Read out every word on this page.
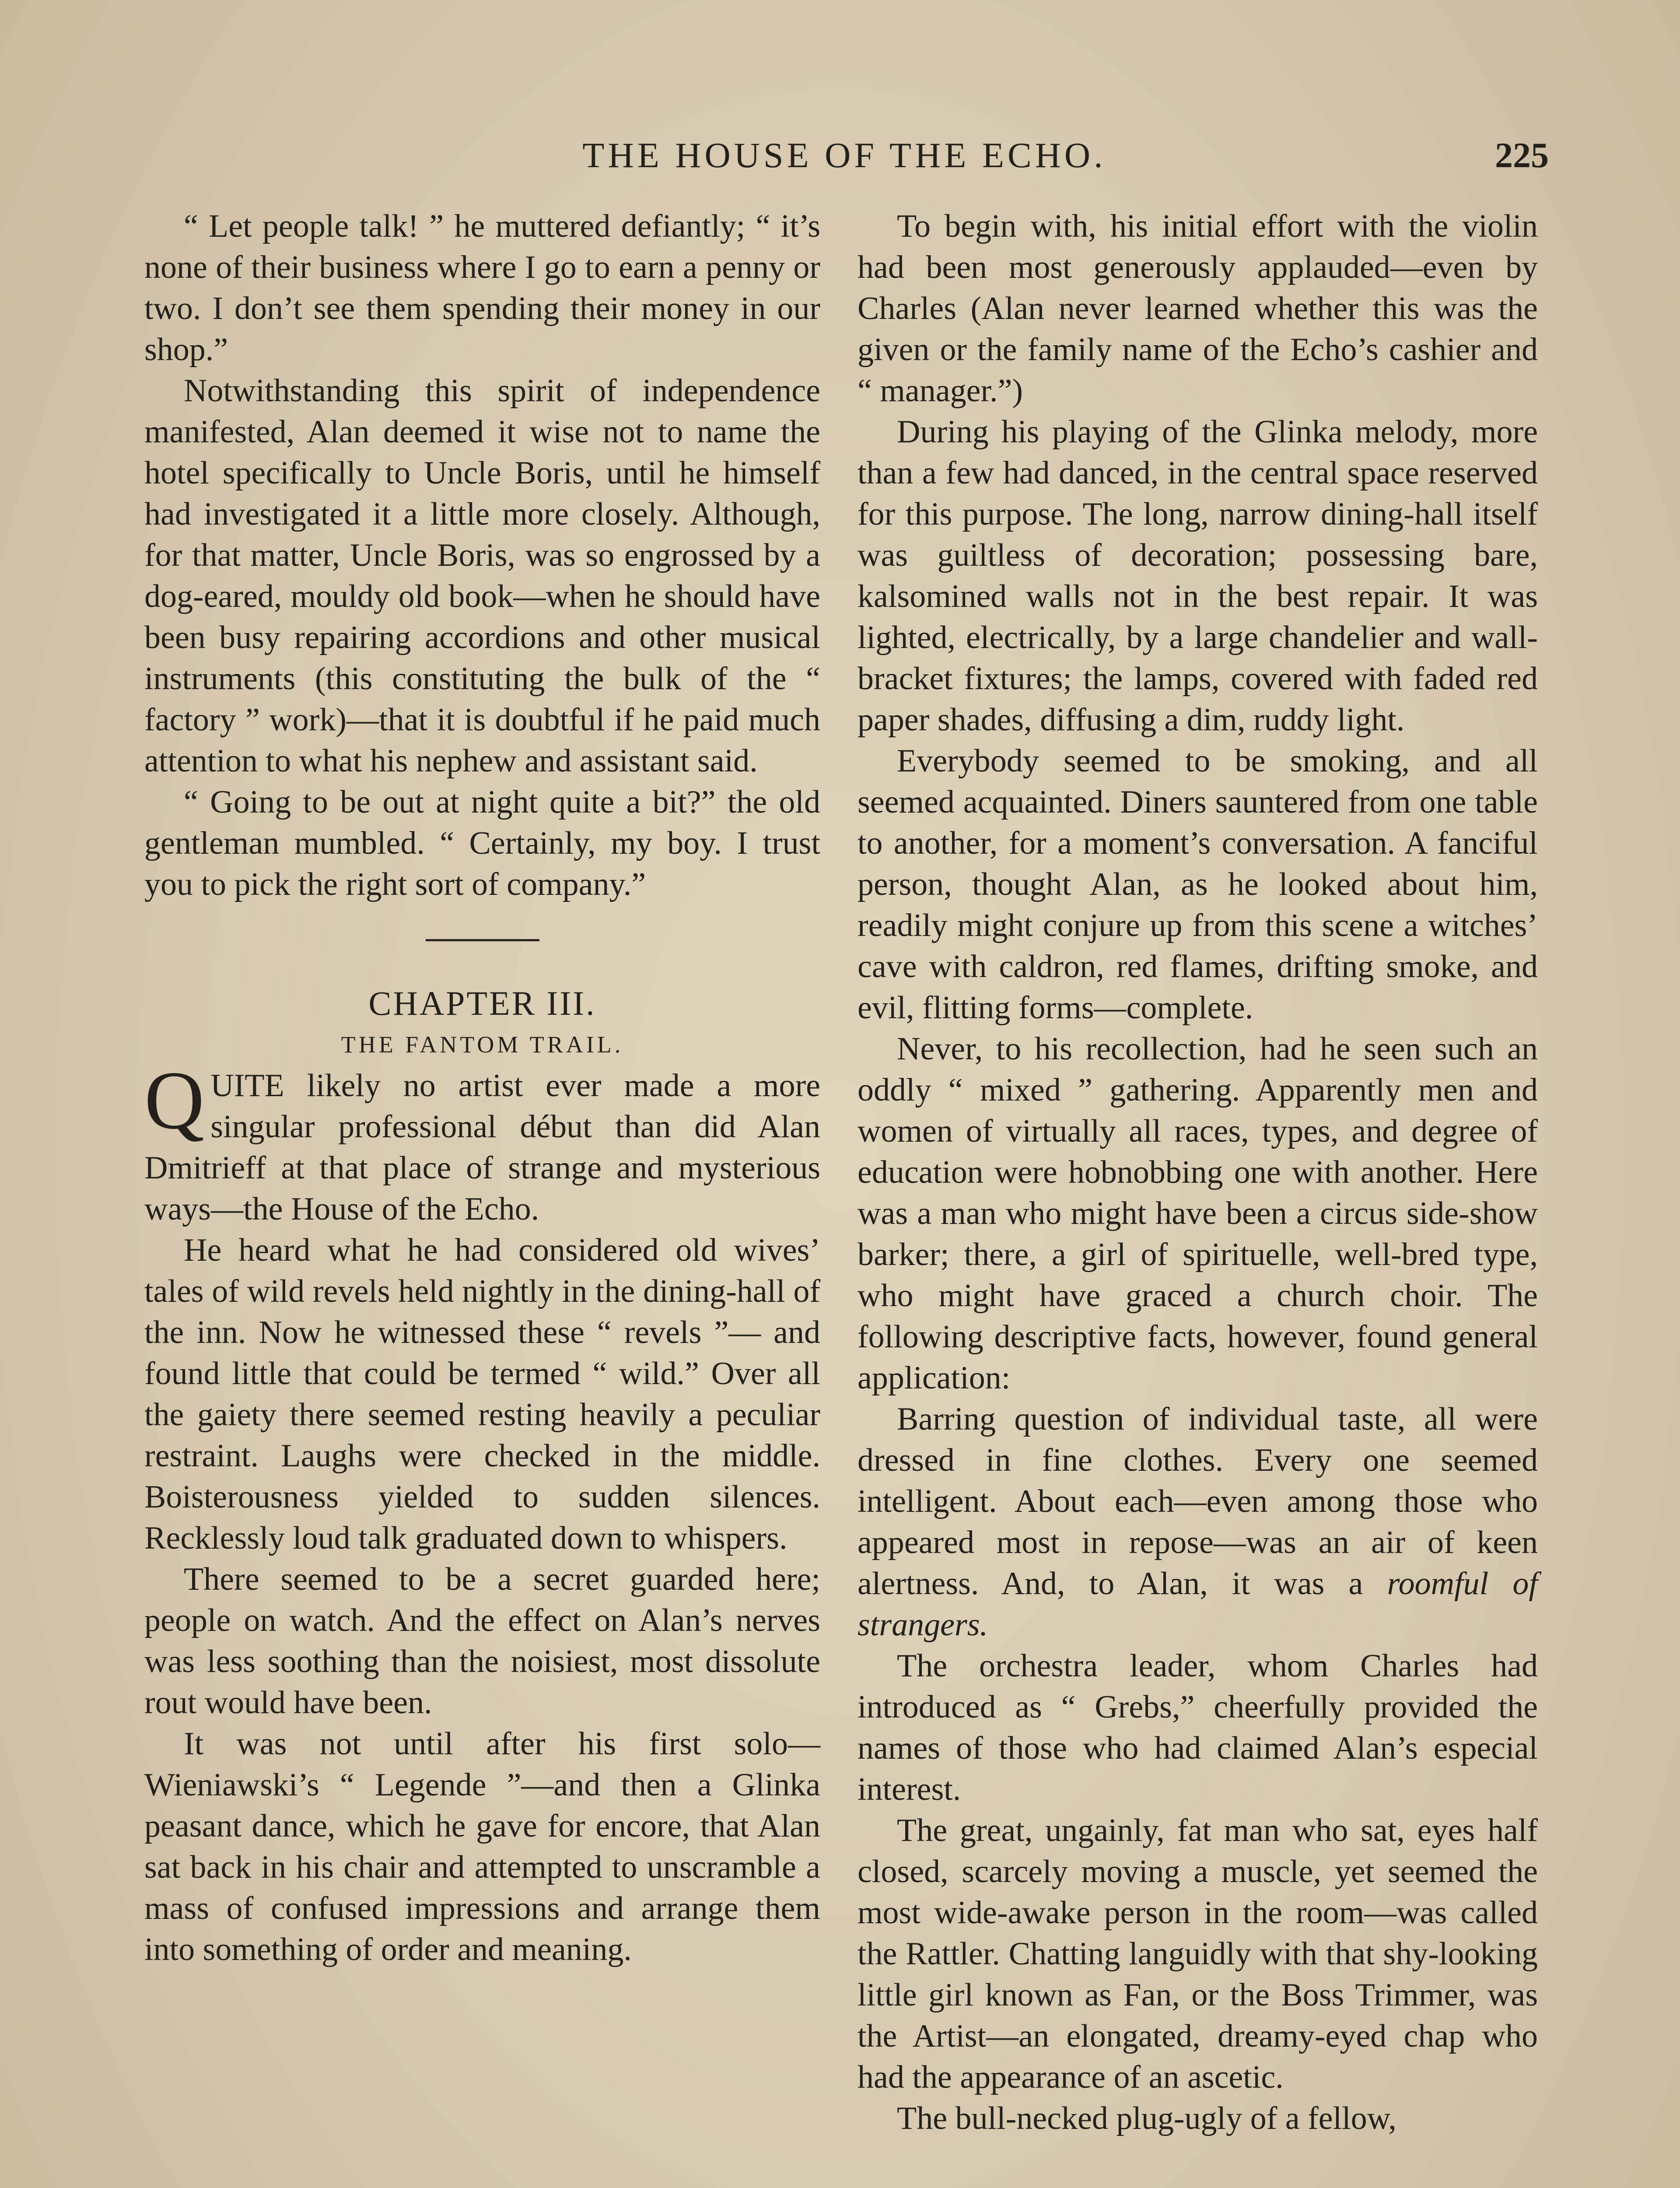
THE HOUSE OF THE ECHO.	225

“ Let people talk! ” he muttered defiantly; “ it’s none of their business where I go to earn a penny or two. I don’t see them spending their money in our shop.”

Notwithstanding this spirit of independence manifested, Alan deemed it wise not to name the hotel specifically to Uncle Boris, until he himself had investigated it a little more closely. Although, for that matter, Uncle Boris, was so engrossed by a dog-eared, mouldy old book—when he should have been busy repairing accordions and other musical instruments (this constituting the bulk of the “ factory ” work)—that it is doubtful if he paid much attention to what his nephew and assistant said.

“ Going to be out at night quite a bit?” the old gentleman mumbled. “ Certainly, my boy. I trust you to pick the right sort of company.”

CHAPTER III.

THE FANTOM TRAIL.

QUITE likely no artist ever made a more singular professional début than did Alan Dmitrieff at that place of strange and mysterious ways—the House of the Echo.

He heard what he had considered old wives’ tales of wild revels held nightly in the dining-hall of the inn. Now he witnessed these “ revels ”— and found little that could be termed “ wild.” Over all the gaiety there seemed resting heavily a peculiar restraint. Laughs were checked in the middle. Boisterousness yielded to sudden silences. Recklessly loud talk graduated down to whispers.

There seemed to be a secret guarded here; people on watch. And the effect on Alan’s nerves was less soothing than the noisiest, most dissolute rout would have been.

It was not until after his first solo—Wieniawski’s “ Legende ”—and then a Glinka peasant dance, which he gave for encore, that Alan sat back in his chair and attempted to unscramble a mass of confused impressions and arrange them into something of order and meaning.

To begin with, his initial effort with the violin had been most generously applauded—even by Charles (Alan never learned whether this was the given or the family name of the Echo’s cashier and “ manager.”)

During his playing of the Glinka melody, more than a few had danced, in the central space reserved for this purpose. The long, narrow dining-hall itself was guiltless of decoration; possessing bare, kalsomined walls not in the best repair. It was lighted, electrically, by a large chandelier and wall-bracket fixtures; the lamps, covered with faded red paper shades, diffusing a dim, ruddy light.

Everybody seemed to be smoking, and all seemed acquainted. Diners sauntered from one table to another, for a moment’s conversation. A fanciful person, thought Alan, as he looked about him, readily might conjure up from this scene a witches’ cave with caldron, red flames, drifting smoke, and evil, flitting forms—complete.

Never, to his recollection, had he seen such an oddly “ mixed ” gathering. Apparently men and women of virtually all races, types, and degree of education were hobnobbing one with another. Here was a man who might have been a circus side-show barker; there, a girl of spirituelle, well-bred type, who might have graced a church choir. The following descriptive facts, however, found general application:

Barring question of individual taste, all were dressed in fine clothes. Every one seemed intelligent. About each—even among those who appeared most in repose—was an air of keen alertness. And, to Alan, it was a roomful of strangers.

The orchestra leader, whom Charles had introduced as “ Grebs,” cheerfully provided the names of those who had claimed Alan’s especial interest.

The great, ungainly, fat man who sat, eyes half closed, scarcely moving a muscle, yet seemed the most wide-awake person in the room—was called the Rattler. Chatting languidly with that shy-looking little girl known as Fan, or the Boss Trimmer, was the Artist—an elongated, dreamy-eyed chap who had the appearance of an ascetic.

The bull-necked plug-ugly of a fellow,
